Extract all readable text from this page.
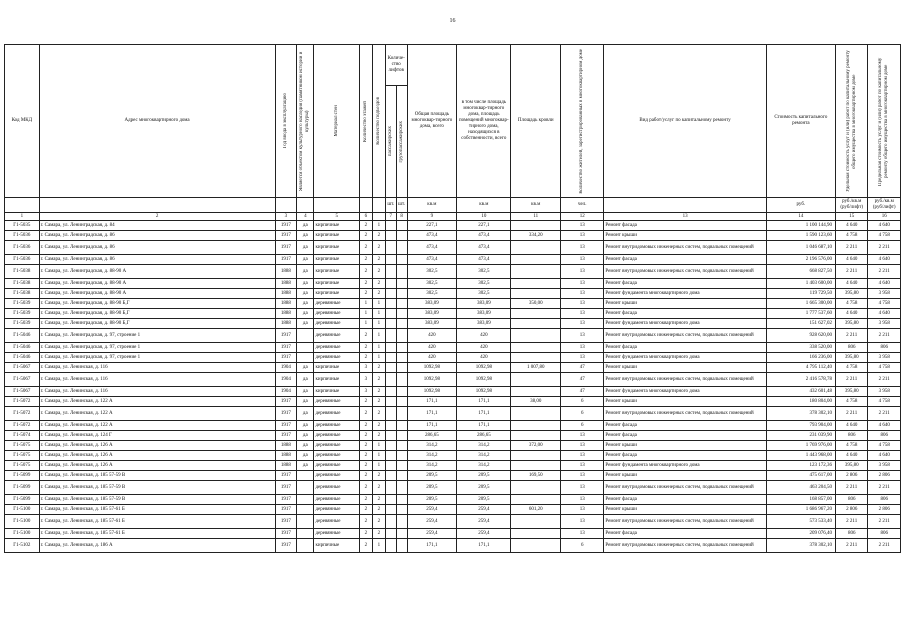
16
Код МКД	Адрес многоквартирного дома	Год ввода в эксплуатацию	Является объектом культурного наследия (памятником истории и культуры)	Материал стен	Количество этажей	Количество подъездов	Количе-ство лифтов		Общая площадь многоквар-тирного дома, всего	в том числе площадь многоквар-тирного дома, площадь помещений многоквар-тирного дома, находящихся в собственности, всего	Площадь кровли	Количество жителей, зарегистрированных в многоквартирном доме	Вид работ/услуг по капитальному ремонту	Стоимость капитального ремонта	Удельная стоимость услуг и (или) работ по капитальному ремонту общего имущества в многоквартирном доме	Предельная стоимость услуг и (или) работ по капитальному ремонту общего имущества в многоквартирном доме

							пассажирских	грузопассажирских								

							шт.	шт.	кв.м	кв.м	кв.м	чел.		руб.	руб./кв.м (руб/лифт)	руб./кв.м (руб/лифт)
1	2	3	4	5	6		7	8	9	10	11	12	13	14	15	16
Г1-5035	г. Самара, ул. Ленинградская, д. 84	1917	да	кирпичные	2	1			227,1	227,1		13	Ремонт фасада	1 100 144,90	4 640	4 640
Г1-5036	г. Самара, ул. Ленинградская, д. 86	1917	да	кирпичные	2	2			473,4	473,4	334,20	13	Ремонт крыши	1 590 123,60	4 758	4 758
Г1-5036	г. Самара, ул. Ленинградская, д. 86	1917	да	кирпичные	2	2			473,4	473,4		13	Ремонт внутридомовых инженерных систем, подвальных помещений	1 046 687,10	2 211	2 211
Г1-5036	г. Самара, ул. Ленинградская, д. 86	1917	да	кирпичные	2	2			473,4	473,4		13	Ремонт фасада	2 196 576,00	4 640	4 640
Г1-5038	г. Самара, ул. Ленинградская, д. 88-90 А	1888	да	кирпичные	2	2			302,5	302,5		13	Ремонт внутридомовых инженерных систем, подвальных помещений	668 827,50	2 211	2 211
Г1-5038	г. Самара, ул. Ленинградская, д. 88-90 А	1888	да	кирпичные	2	2			302,5	302,5		13	Ремонт фасада	1 403 600,00	4 640	4 640
Г1-5038	г. Самара, ул. Ленинградская, д. 88-90 А	1888	да	кирпичные	2	2			302,5	302,5		13	Ремонт фундамента многоквартирного дома	119 729,50	395,80	3 958
Г1-5039	г. Самара, ул. Ленинградская, д. 88-90 Б,Г	1888	да	деревянные	1	1			383,09	383,09	350,00	13	Ремонт крыши	1 665 300,00	4 758	4 758
Г1-5039	г. Самара, ул. Ленинградская, д. 88-90 Б,Г	1888	да	деревянные	1	1			383,09	383,09		13	Ремонт фасада	1 777 537,60	4 640	4 640
Г1-5039	г. Самара, ул. Ленинградская, д. 88-90 Б,Г	1888	да	деревянные	1	1			383,09	383,09		13	Ремонт фундамента многоквартирного дома	151 627,02	395,80	3 958
Г1-5046	г. Самара, ул. Ленинградская, д. 97, строение 1	1917		деревянные	2	1			420	420		13	Ремонт внутридомовых инженерных систем, подвальных помещений	928 620,00	2 211	2 211
Г1-5046	г. Самара, ул. Ленинградская, д. 97, строение 1	1917		деревянные	2	1			420	420		13	Ремонт фасада	338 520,00	806	806
Г1-5046	г. Самара, ул. Ленинградская, д. 97, строение 1	1917		деревянные	2	1			420	420		13	Ремонт фундамента многоквартирного дома	166 236,00	395,80	3 958
Г1-5067	г. Самара, ул. Ленинская, д. 116	1904	да	кирпичные	3	2			1092,98	1092,98	1 007,80	47	Ремонт крыши	4 795 112,40	4 758	4 758
Г1-5067	г. Самара, ул. Ленинская, д. 116	1904	да	кирпичные	3	2			1092,98	1092,98		47	Ремонт внутридомовых инженерных систем, подвальных помещений	2 416 578,78	2 211	2 211
Г1-5067	г. Самара, ул. Ленинская, д. 116	1904	да	кирпичные	3	2			1092,98	1092,98		47	Ремонт фундамента многоквартирного дома	432 601,48	395,80	3 958
Г1-5072	г. Самара, ул. Ленинская, д. 122 А	1917	да	деревянные	2	2			171,1	171,1	38,00	6	Ремонт крыши	180 804,00	4 758	4 758
Г1-5072	г. Самара, ул. Ленинская, д. 122 А	1917	да	деревянные	2	2			171,1	171,1		6	Ремонт внутридомовых инженерных систем, подвальных помещений	378 302,10	2 211	2 211
Г1-5072	г. Самара, ул. Ленинская, д. 122 А	1917	да	деревянные	2	2			171,1	171,1		6	Ремонт фасада	793 904,00	4 640	4 640
Г1-5074	г. Самара, ул. Ленинская, д. 124 Г	1917	да	деревянные	2	2			286,65	286,65		13	Ремонт фасада	231 039,90	806	806
Г1-5075	г. Самара, ул. Ленинская, д. 126 А	1888	да	деревянные	2	1			314,2	314,2	372,00	13	Ремонт крыши	1 769 976,00	4 758	4 758
Г1-5075	г. Самара, ул. Ленинская, д. 126 А	1888	да	деревянные	2	1			314,2	314,2		13	Ремонт фасада	1 443 968,00	4 640	4 640
Г1-5075	г. Самара, ул. Ленинская, д. 126 А	1888	да	деревянные	2	1			314,2	314,2		13	Ремонт фундамента многоквартирного дома	123 172,36	395,80	3 958
Г1-5099	г. Самара, ул. Ленинская, д. 185 57-59 В	1917		деревянные	2	2			209,5	209,5	169,50	13	Ремонт крыши	475 617,00	2 806	2 806
Г1-5099	г. Самара, ул. Ленинская, д. 185 57-59 В	1917		деревянные	2	2			209,5	209,5		13	Ремонт внутридомовых инженерных систем, подвальных помещений	463 204,50	2 211	2 211
Г1-5099	г. Самара, ул. Ленинская, д. 185 57-59 В	1917		деревянные	2	2			209,5	209,5		13	Ремонт фасада	168 857,00	806	806
Г1-5100	г. Самара, ул. Ленинская, д. 185 57-61 Б	1917		деревянные	2	2			259,4	259,4	601,20	13	Ремонт крыши	1 686 967,20	2 806	2 806
Г1-5100	г. Самара, ул. Ленинская, д. 185 57-61 Б	1917		деревянные	2	2			259,4	259,4		13	Ремонт внутридомовых инженерных систем, подвальных помещений	573 533,40	2 211	2 211
Г1-5100	г. Самара, ул. Ленинская, д. 185 57-61 Б	1917		деревянные	2	2			259,4	259,4		13	Ремонт фасада	209 076,40	806	806
Г1-5102	г. Самара, ул. Ленинская, д. 186 А	1917		кирпичные	2	1			171,1	171,1		6	Ремонт внутридомовых инженерных систем, подвальных помещений	378 302,10	2 211	2 211
